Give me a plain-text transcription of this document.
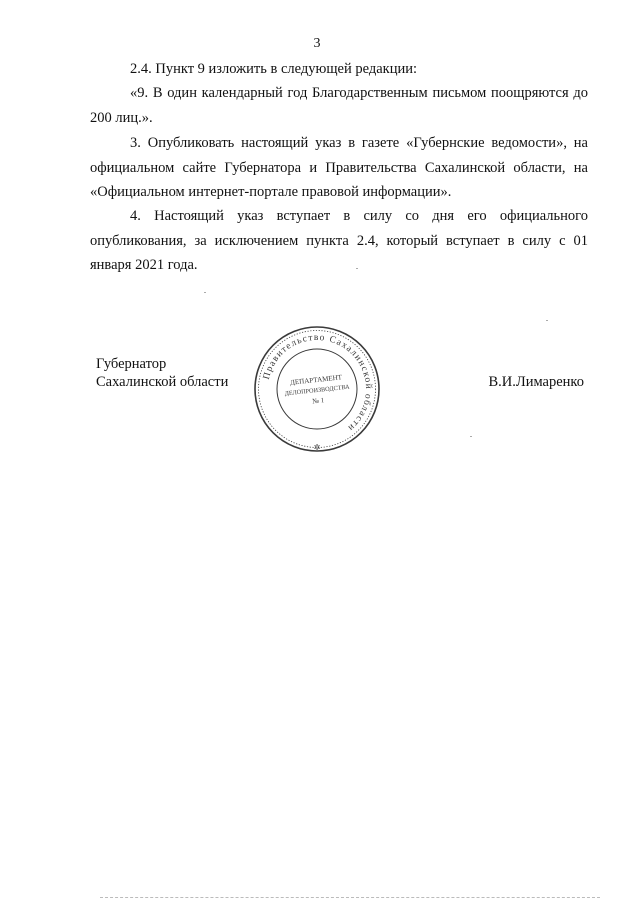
3

2.4. Пункт 9 изложить в следующей редакции:

«9. В один календарный год Благодарственным письмом поощряются до 200 лиц.».

3. Опубликовать настоящий указ в газете «Губернские ведомости», на официальном сайте Губернатора и Правительства Сахалинской области, на «Официальном интернет-портале правовой информации».

4. Настоящий указ вступает в силу со дня его официального опубликования, за исключением пункта 2.4, который вступает в силу с 01 января 2021 года.

Губернатор
Сахалинской области	Правительство Сахалинской области
✲
ДЕПАРТАМЕНТ
ДЕЛОПРОИЗВОДСТВА
№ 1
В.И.Лимаренко
